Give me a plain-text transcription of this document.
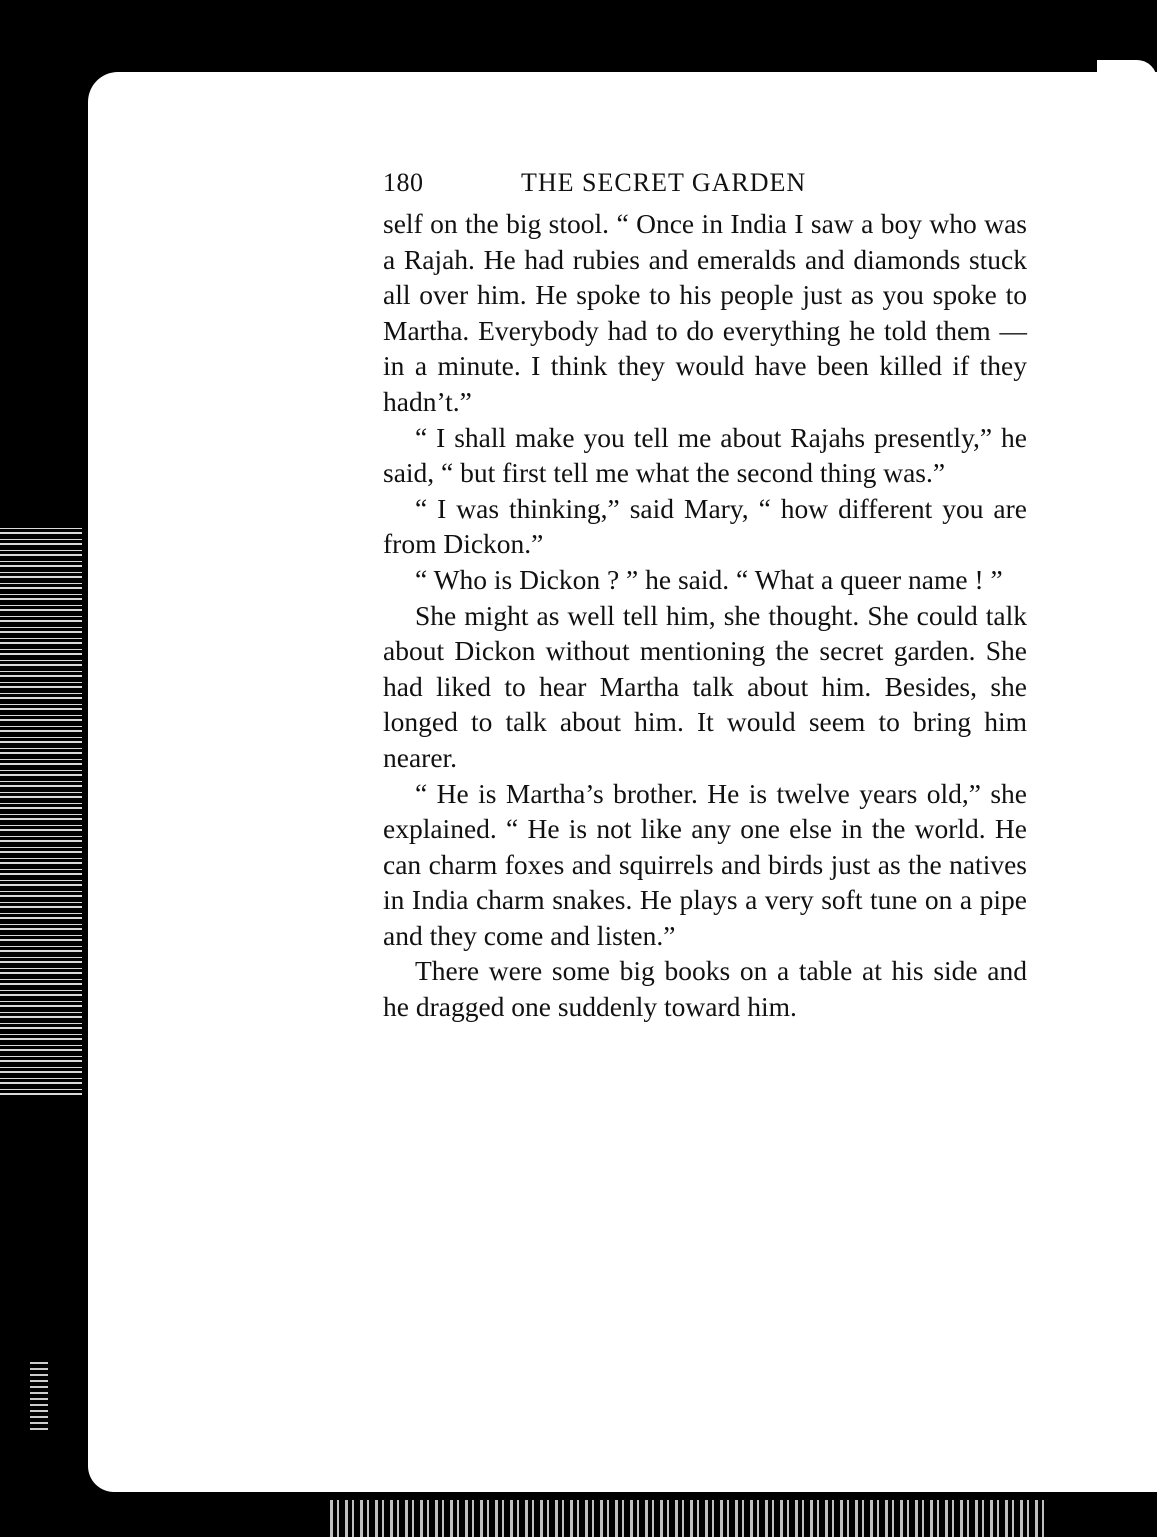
180	THE SECRET GARDEN

self on the big stool. “ Once in India I saw a boy who was a Rajah. He had rubies and emeralds and diamonds stuck all over him. He spoke to his people just as you spoke to Martha. Everybody had to do everything he told them — in a minute. I think they would have been killed if they hadn’t.”

“ I shall make you tell me about Rajahs presently,” he said, “ but first tell me what the second thing was.”

“ I was thinking,” said Mary, “ how different you are from Dickon.”

“ Who is Dickon ? ” he said. “ What a queer name ! ”

She might as well tell him, she thought. She could talk about Dickon without mentioning the secret garden. She had liked to hear Martha talk about him. Besides, she longed to talk about him. It would seem to bring him nearer.

“ He is Martha’s brother. He is twelve years old,” she explained. “ He is not like any one else in the world. He can charm foxes and squirrels and birds just as the natives in India charm snakes. He plays a very soft tune on a pipe and they come and listen.”

There were some big books on a table at his side and he dragged one suddenly toward him.
